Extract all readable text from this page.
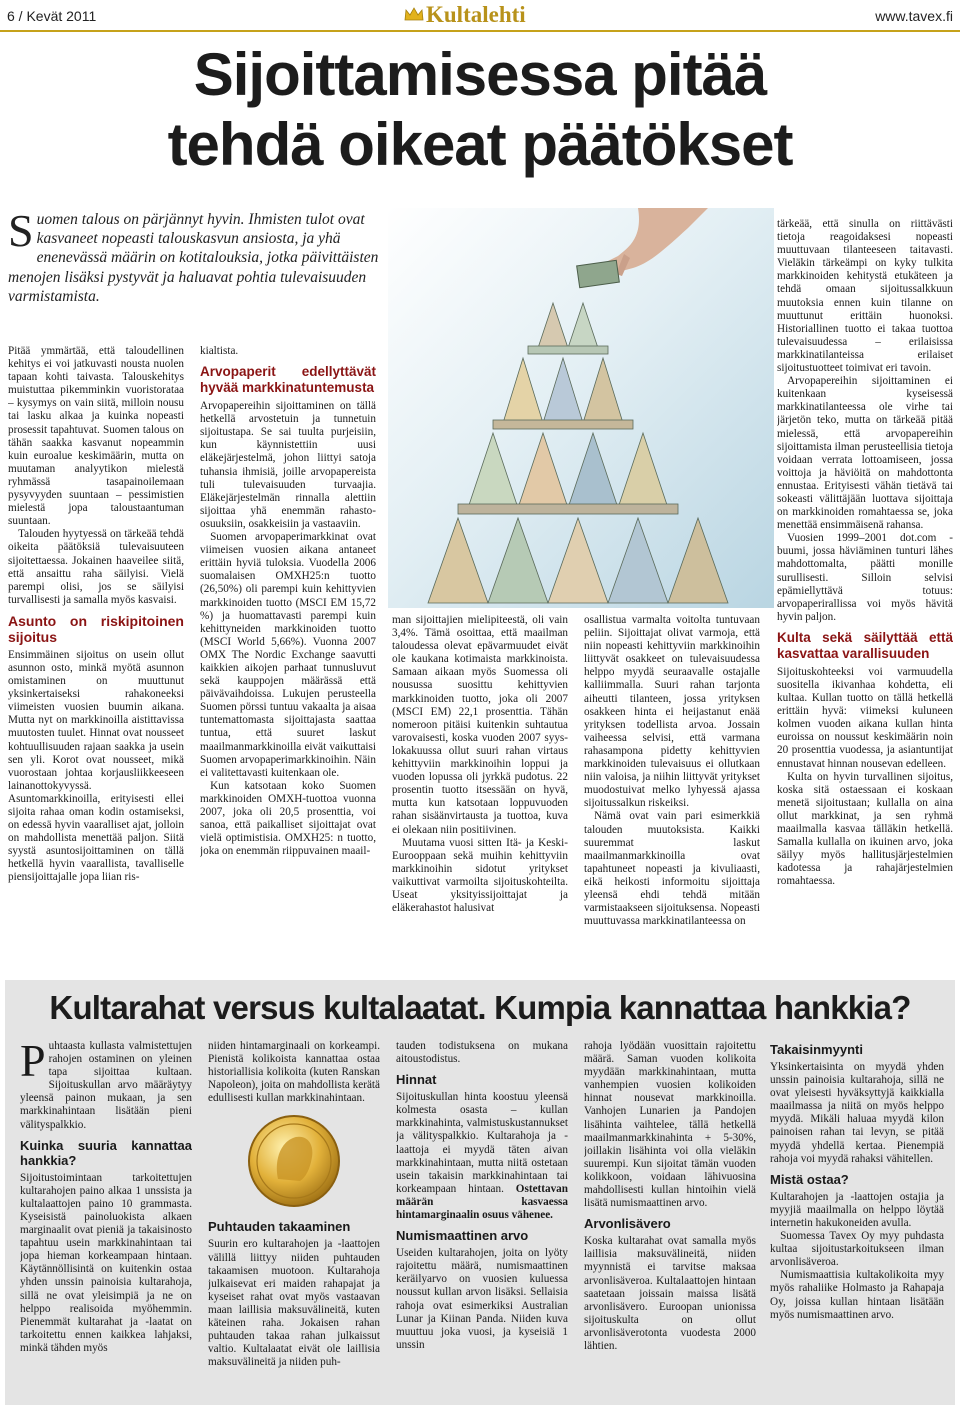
6 / Kevät 2011	Kultalehti	www.tavex.fi
Sijoittamisessa pitää
tehdä oikeat päätökset
Suomen talous on pärjännyt hyvin. Ihmisten tulot ovat kasvaneet nopeasti talouskasvun ansiosta, ja yhä enenevässä määrin on kotitalouksia, jotka päivittäisten menojen lisäksi pystyvät ja haluavat pohtia tulevaisuuden varmistamista.

Pitää ymmärtää, että taloudellinen kehitys ei voi jatkuvasti nousta nuolen tapaan kohti taivasta. Talouskehitys muistuttaa pikemminkin vuoristorataa – kysymys on vain siitä, milloin nousu tai lasku alkaa ja kuinka nopeasti prosessit tapahtuvat. Suomen talous on tähän saakka kasvanut nopeammin kuin euroalue keskimäärin, mutta on muutaman analyytikon mielestä ryhmässä tasapainoilemaan pysyvyyden suuntaan – pessimistien mielestä jopa taloustaantuman suuntaan.

Talouden hyytyessä on tärkeää tehdä oikeita päätöksiä tulevaisuuteen sijoitettaessa. Jokainen haaveilee siitä, että ansaittu raha säilyisi. Vielä parempi olisi, jos se säilyisi turvallisesti ja samalla myös kasvaisi.

Asunto on riskipitoinen sijoitus

Ensimmäinen sijoitus on usein ollut asunnon osto, minkä myötä asunnon omistaminen on muuttunut yksinkertaiseksi rahakoneeksi viimeisten vuosien buumin aikana. Mutta nyt on markkinoilla aistittavissa muutosten tuulet. Hinnat ovat nousseet kohtuullisuuden rajaan saakka ja usein sen yli. Korot ovat nousseet, mikä vuorostaan johtaa korjausliikkeeseen lainanottokyvyssä. Asuntomarkkinoilla, erityisesti ellei sijoita rahaa oman kodin ostamiseksi, on edessä hyvin vaaralliset ajat, jolloin on mahdollista menettää paljon. Siitä syystä asuntosijoittaminen on tällä hetkellä hyvin vaarallista, tavalliselle piensijoittajalle jopa liian ris-

kialtista.

Arvopaperit edellyttävät hyvää markkinatuntemusta

Arvopapereihin sijoittaminen on tällä hetkellä arvostetuin ja tunnetuin sijoitustapa. Se sai tuulta purjeisiin, kun käynnistettiin uusi eläkejärjestelmä, johon liittyi satoja tuhansia ihmisiä, joille arvopapereista tuli tulevaisuuden turvaajia. Eläkejärjestelmän rinnalla alettiin sijoittaa yhä enemmän rahasto-osuuksiin, osakkeisiin ja vastaaviin.

Suomen arvopaperimarkkinat ovat viimeisen vuosien aikana antaneet erittäin hyviä tuloksia. Vuodella 2006 suomalaisen OMXH25:n tuotto (26,50%) oli parempi kuin kehittyvien markkinoiden tuotto (MSCI EM 15,72 %) ja huomattavasti parempi kuin kehittyneiden markkinoiden tuotto (MSCI World 5,66%). Vuonna 2007 OMX The Nordic Exchange saavutti kaikkien aikojen parhaat tunnusluvut sekä kauppojen määrässä että päivävaihdoissa. Lukujen perusteella Suomen pörssi tuntuu vakaalta ja aisaa tuntemattomasta sijoittajasta saattaa tuntua, että suuret laskut maailmanmarkkinoilla eivät vaikuttaisi Suomen arvopaperimarkkinoihin. Näin ei valitettavasti kuitenkaan ole.

Kun katsotaan koko Suomen markkinoiden OMXH-tuottoa vuonna 2007, joka oli 20,5 prosenttia, voi sanoa, että paikalliset sijoittajat ovat vielä optimistisia. OMXH25: n tuotto, joka on enemmän riippuvainen maail-

man sijoittajien mielipiteestä, oli vain 3,4%. Tämä osoittaa, että maailman taloudessa olevat epävarmuudet eivät ole kaukana kotimaista markkinoista. Samaan aikaan myös Suomessa oli nousussa suosittu kehittyvien markkinoiden tuotto, joka oli 2007 (MSCI EM) 22,1 prosenttia. Tähän nomeroon pitäisi kuitenkin suhtautua varovaisesti, koska vuoden 2007 syys-lokakuussa ollut suuri rahan virtaus kehittyviin markkinoihin loppui ja vuoden lopussa oli jyrkkä pudotus. 22 prosentin tuotto itsessään on hyvä, mutta kun katsotaan loppuvuoden rahan sisäänvirtausta ja tuottoa, kuva ei olekaan niin positiivinen.

Muutama vuosi sitten Itä- ja Keski- Eurooppaan sekä muihin kehittyviin markkinoihin sidotut yritykset vaikuttivat varmoilta sijoituskohteilta. Useat yksityissijoittajat ja eläkerahastot halusivat

osallistua varmalta voitolta tuntuvaan peliin. Sijoittajat olivat varmoja, että niin nopeasti kehittyviin markkinoihin liittyvät osakkeet on tulevaisuudessa helppo myydä seuraavalle ostajalle kalliimmalla. Suuri rahan tarjonta aiheutti tilanteen, jossa yrityksen osakkeen hinta ei heijastanut enää yrityksen todellista arvoa. Jossain vaiheessa selvisi, että varmana rahasampona pidetty kehittyvien markkinoiden tulevaisuus ei ollutkaan niin valoisa, ja niihin liittyvät yritykset muodostuivat melko lyhyessä ajassa sijoitussalkun riskeiksi.

Nämä ovat vain pari esimerkkiä talouden muutoksista. Kaikki suuremmat laskut maailmanmarkkinoilla ovat tapahtuneet nopeasti ja kivuliaasti, eikä heikosti informoitu sijoittaja yleensä ehdi tehdä mitään varmistaakseen sijoituksensa. Nopeasti muuttuvassa markkinatilanteessa on

tärkeää, että sinulla on riittävästi tietoja reagoidaksesi nopeasti muuttuvaan tilanteeseen taitavasti. Vieläkin tärkeämpi on kyky tulkita markkinoiden kehitystä etukäteen ja tehdä omaan sijoitussalkkuun muutoksia ennen kuin tilanne on muuttunut erittäin huonoksi. Historiallinen tuotto ei takaa tuottoa tulevaisuudessa – erilaisissa markkinatilanteissa erilaiset sijoitustuotteet toimivat eri tavoin.

Arvopapereihin sijoittaminen ei kuitenkaan kyseisessä markkinatilanteessa ole virhe tai järjetön teko, mutta on tärkeää pitää mielessä, että arvopapereihin sijoittamista ilman perusteellisia tietoja voidaan verrata lottoamiseen, jossa voittoja ja häviöitä on mahdottonta ennustaa. Erityisesti vähän tietävä tai sokeasti välittäjään luottava sijoittaja on markkinoiden romahtaessa se, joka menettää ensimmäisenä rahansa.

Vuosien 1999–2001 dot.com -buumi, jossa häviäminen tunturi lähes mahdottomalta, päätti monille surullisesti. Silloin selvisi epämiellyttävä totuus: arvopaperirallissa voi myös hävitä hyvin paljon.

Kulta sekä säilyttää että kasvattaa varallisuuden

Sijoituskohteeksi voi varmuudella suositella ikivanhaa kohdetta, eli kultaa. Kullan tuotto on tällä hetkellä erittäin hyvä: viimeksi kuluneen kolmen vuoden aikana kullan hinta euroissa on noussut keskimäärin noin 20 prosenttia vuodessa, ja asiantuntijat ennustavat hinnan nousevan edelleen.

Kulta on hyvin turvallinen sijoitus, koska sitä ostaessaan ei koskaan menetä sijoitustaan; kullalla on aina ollut markkinat, ja sen ryhmä maailmalla kasvaa tälläkin hetkellä. Samalla kullalla on ikuinen arvo, joka säilyy myös hallitusjärjestelmien kadotessa ja rahajärjestelmien romahtaessa.

Kultarahat versus kultalaatat. Kumpia kannattaa hankkia?

Puhtaasta kullasta valmistettujen rahojen ostaminen on yleinen tapa sijoittaa kultaan. Sijoituskullan arvo määräytyy yleensä painon mukaan, ja sen markkinahintaan lisätään pieni välityspalkkio.

Kuinka suuria kannattaa hankkia?

Sijoitustoimintaan tarkoitettujen kultarahojen paino alkaa 1 unssista ja kultalaattojen paino 10 grammasta. Kyseisistä painoluokista alkaen marginaalit ovat pieniä ja takaisinosto tapahtuu usein markkinahintaan tai jopa hieman korkeampaan hintaan. Käytännöllisintä on kuitenkin ostaa yhden unssin painoisia kultarahoja, sillä ne ovat yleisimpiä ja ne on helppo realisoida myöhemmin. Pienemmät kultarahat ja -laatat on tarkoitettu ennen kaikkea lahjaksi, minkä tähden myös

niiden hintamarginaali on korkeampi. Pienistä kolikoista kannattaa ostaa historiallisia kolikoita (kuten Ranskan Napoleon), joita on mahdollista kerätä edullisesti kullan markkinahintaan.

Puhtauden takaaminen

Suurin ero kultarahojen ja -laattojen välillä liittyy niiden puhtauden takaamisen muotoon. Kultarahoja julkaisevat eri maiden rahapajat ja kyseiset rahat ovat myös vastaavan maan laillisia maksuvälineitä, kuten käteinen raha. Jokaisen rahan puhtauden takaa rahan julkaissut valtio. Kultalaatat eivät ole laillisia maksuvälineitä ja niiden puh-

tauden todistuksena on mukana aitoustodistus.

Hinnat

Sijoituskullan hinta koostuu yleensä kolmesta osasta – kullan markkinahinta, valmistuskustannukset ja välityspalkkio. Kultarahoja ja -laattoja ei myydä täten aivan markkinahintaan, mutta niitä ostetaan usein takaisin markkinahintaan tai korkeampaan hintaan. Ostettavan määrän kasvaessa hintamarginaalin osuus vähenee.

Numismaattinen arvo

Useiden kultarahojen, joita on lyöty rajoitettu määrä, numismaattinen keräilyarvo on vuosien kuluessa noussut kullan arvon lisäksi. Sellaisia rahoja ovat esimerkiksi Australian Lunar ja Kiinan Panda. Niiden kuva muuttuu joka vuosi, ja kyseisiä 1 unssin

rahoja lyödään vuosittain rajoitettu määrä. Saman vuoden kolikoita myydään markkinahintaan, mutta vanhempien vuosien kolikoiden hinnat nousevat markkinoilla. Vanhojen Lunarien ja Pandojen lisähinta vaihtelee, tällä hetkellä maailmanmarkkinahinta + 5-30%, joillakin lisähinta voi olla vieläkin suurempi. Kun sijoitat tämän vuoden kolikkoon, voidaan lähivuosina mahdollisesti kullan hintoihin vielä lisätä numismaattinen arvo.

Arvonlisävero

Koska kultarahat ovat samalla myös laillisia maksuvälineitä, niiden myynnistä ei tarvitse maksaa arvonlisäveroa. Kultalaattojen hintaan saatetaan joissain maissa lisätä arvonlisävero. Euroopan unionissa sijoituskulta on ollut arvonlisäverotonta vuodesta 2000 lähtien.

Takaisinmyynti

Yksinkertaisinta on myydä yhden unssin painoisia kultarahoja, sillä ne ovat yleisesti hyväksyttyjä kaikkialla maailmassa ja niitä on myös helppo myydä. Mikäli haluaa myydä kilon painoisen rahan tai levyn, se pitää myydä yhdellä kertaa. Pienempiä rahoja voi myydä rahaksi vähitellen.

Mistä ostaa?

Kultarahojen ja -laattojen ostajia ja myyjiä maailmalla on helppo löytää internetin hakukoneiden avulla.

Suomessa Tavex Oy myy puhdasta kultaa sijoitustarkoitukseen ilman arvonlisäveroa.

Numismaattisia kultakolikoita myy myös rahaliike Holmasto ja Rahapaja Oy, joissa kullan hintaan lisätään myös numismaattinen arvo.
